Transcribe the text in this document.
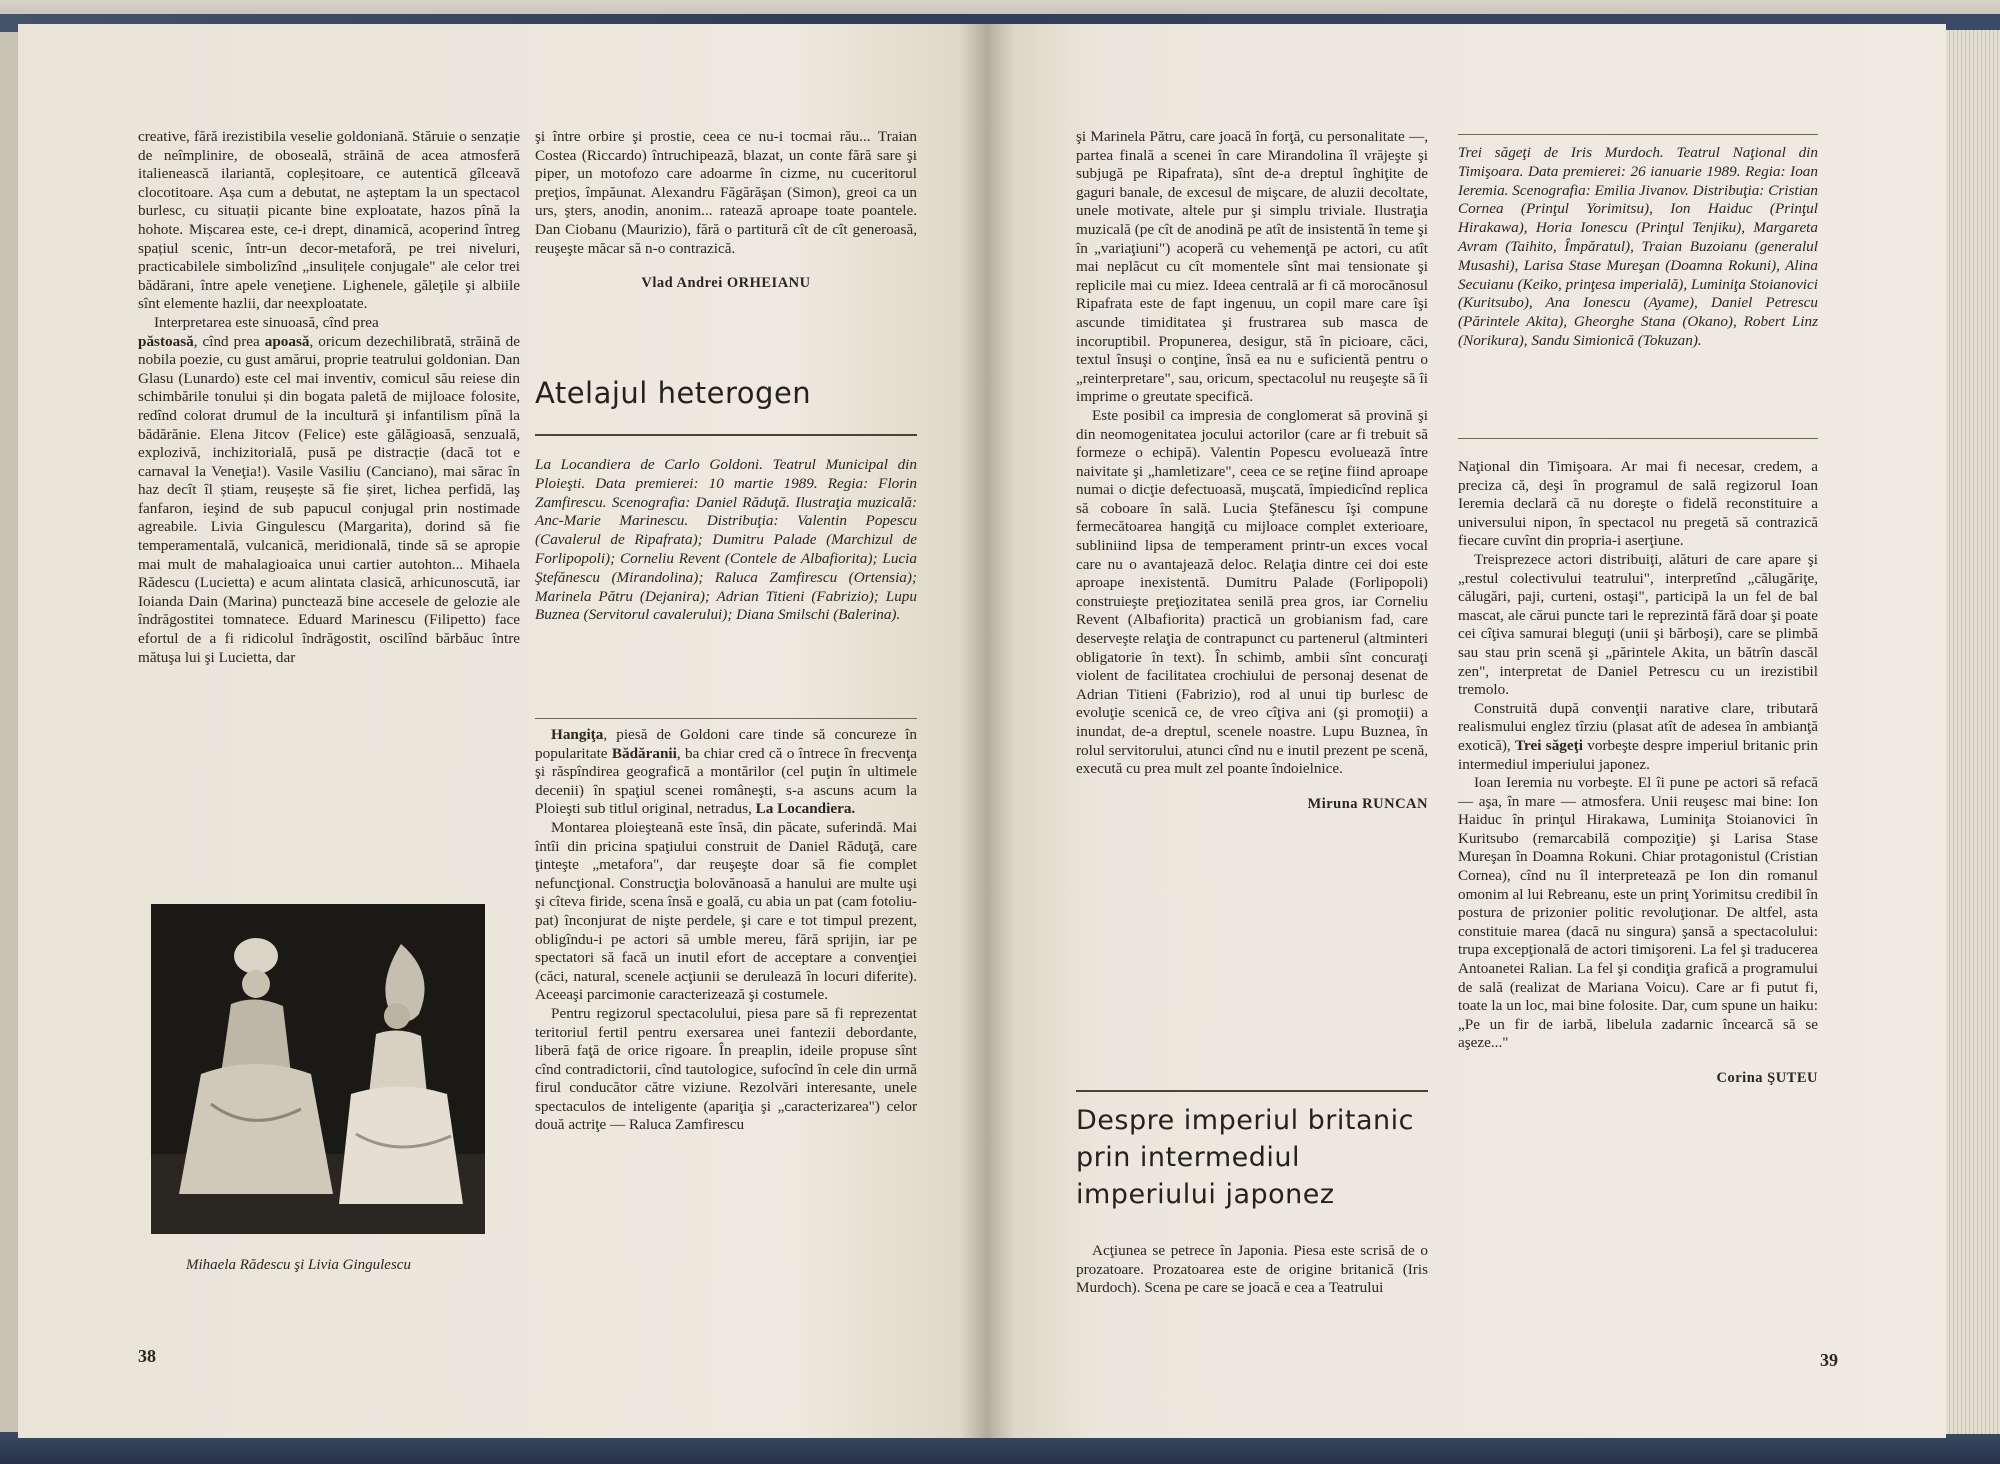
creative, fără irezistibila veselie goldoniană. Stăruie o senzație de neîmplinire, de oboseală, străină de acea atmosferă italienească ilariantă, copleșitoare, ce autentică gîlceavă clocotitoare. Așa cum a debutat, ne așteptam la un spectacol burlesc, cu situații picante bine exploatate, hazos pînă la hohote. Mișcarea este, ce-i drept, dinamică, acoperind întreg spațiul scenic, într-un decor-metaforă, pe trei niveluri, practicabilele simbolizînd „insulițele conjugale" ale celor trei bădărani, între apele veneţiene. Lighenele, găleţile şi albiile sînt elemente hazlii, dar neexploatate.

Interpretarea este sinuoasă, cînd prea
păstoasă, cînd prea apoasă, oricum dezechilibrată, străină de nobila poezie, cu gust amărui, proprie teatrului goldonian. Dan Glasu (Lunardo) este cel mai inventiv, comicul său reiese din schimbările tonului și din bogata paletă de mijloace folosite, redînd colorat drumul de la incultură şi infantilism pînă la bădărănie. Elena Jitcov (Felice) este gălăgioasă, senzuală, explozivă, inchizitorială, pusă pe distracție (dacă tot e carnaval la Veneţia!). Vasile Vasiliu (Canciano), mai sărac în haz decît îl știam, reușește să fie șiret, lichea perfidă, laş fanfaron, ieşind de sub papucul conjugal prin nostimade agreabile. Livia Gingulescu (Margarita), dorind să fie temperamentală, vulcanică, meridională, tinde să se apropie mai mult de mahalagioaica unui cartier autohton... Mihaela Rădescu (Lucietta) e acum alintata clasică, arhicunoscută, iar Ioianda Dain (Marina) punctează bine accesele de gelozie ale îndrăgostitei tomnatece. Eduard Marinescu (Filipetto) face efortul de a fi ridicolul îndrăgostit, oscilînd bărbăuc între mătuşa lui şi Lucietta, dar

Mihaela Rădescu şi Livia Gingulescu

şi între orbire şi prostie, ceea ce nu-i tocmai rău... Traian Costea (Riccardo) întruchipează, blazat, un conte fără sare şi piper, un motofozo care adoarme în cizme, nu cuceritorul preţios, împăunat. Alexandru Făgărăşan (Simon), greoi ca un urs, şters, anodin, anonim... ratează aproape toate poantele. Dan Ciobanu (Maurizio), fără o partitură cît de cît generoasă, reuşeşte măcar să n-o contrazică.

Vlad Andrei ORHEIANU

Atelajul heterogen

La Locandiera de Carlo Goldoni. Teatrul Municipal din Ploieşti. Data premierei: 10 martie 1989. Regia: Florin Zamfirescu. Scenografia: Daniel Răduţă. Ilustraţia muzicală: Anc-Marie Marinescu. Distribuţia: Valentin Popescu (Cavalerul de Ripafrata); Dumitru Palade (Marchizul de Forlipopoli); Corneliu Revent (Contele de Albafiorita); Lucia Ştefănescu (Mirandolina); Raluca Zamfirescu (Ortensia); Marinela Pătru (Dejanira); Adrian Titieni (Fabrizio); Lupu Buznea (Servitorul cavalerului); Diana Smilschi (Balerina).

Hangiţa, piesă de Goldoni care tinde să concureze în popularitate Bădăranii, ba chiar cred că o întrece în frecvenţa şi răspîndirea geografică a montărilor (cel puţin în ultimele decenii) în spaţiul scenei româneşti, s-a ascuns acum la Ploieşti sub titlul original, netradus, La Locandiera.

Montarea ploieşteană este însă, din păcate, suferindă. Mai întîi din pricina spaţiului construit de Daniel Răduţă, care ţinteşte „metafora", dar reuşeşte doar să fie complet nefuncţional. Construcţia bolovănoasă a hanului are multe uşi şi cîteva firide, scena însă e goală, cu abia un pat (cam fotoliu-pat) înconjurat de nişte perdele, şi care e tot timpul prezent, obligîndu-i pe actori să umble mereu, fără sprijin, iar pe spectatori să facă un inutil efort de acceptare a convenţiei (căci, natural, scenele acţiunii se derulează în locuri diferite). Aceeaşi parcimonie caracterizează şi costumele.

Pentru regizorul spectacolului, piesa pare să fi reprezentat teritoriul fertil pentru exersarea unei fantezii debordante, liberă faţă de orice rigoare. În preaplin, ideile propuse sînt cînd contradictorii, cînd tautologice, sufocînd în cele din urmă firul conducător către viziune. Rezolvări interesante, unele spectaculos de inteligente (apariţia şi „caracterizarea") celor două actriţe — Raluca Zamfirescu

38

şi Marinela Pătru, care joacă în forţă, cu personalitate —, partea finală a scenei în care Mirandolina îl vrăjeşte şi subjugă pe Ripafrata), sînt de-a dreptul înghiţite de gaguri banale, de excesul de mişcare, de aluzii decoltate, unele motivate, altele pur şi simplu triviale. Ilustraţia muzicală (pe cît de anodină pe atît de insistentă în teme şi în „variaţiuni") acoperă cu vehemenţă pe actori, cu atît mai neplăcut cu cît momentele sînt mai tensionate şi replicile mai cu miez. Ideea centrală ar fi că morocănosul Ripafrata este de fapt ingenuu, un copil mare care îşi ascunde timiditatea şi frustrarea sub masca de incoruptibil. Propunerea, desigur, stă în picioare, căci, textul însuşi o conţine, însă ea nu e suficientă pentru o „reinterpretare", sau, oricum, spectacolul nu reuşeşte să îi imprime o greutate specifică.

Este posibil ca impresia de conglomerat să provină şi din neomogenitatea jocului actorilor (care ar fi trebuit să formeze o echipă). Valentin Popescu evoluează între naivitate şi „hamletizare", ceea ce se reţine fiind aproape numai o dicţie defectuoasă, muşcată, împiedicînd replica să coboare în sală. Lucia Ştefănescu îşi compune fermecătoarea hangiţă cu mijloace complet exterioare, subliniind lipsa de temperament printr-un exces vocal care nu o avantajează deloc. Relaţia dintre cei doi este aproape inexistentă. Dumitru Palade (Forlipopoli) construieşte preţiozitatea senilă prea gros, iar Corneliu Revent (Albafiorita) practică un grobianism fad, care deserveşte relaţia de contrapunct cu partenerul (altminteri obligatorie în text). În schimb, ambii sînt concuraţi violent de facilitatea crochiului de personaj desenat de Adrian Titieni (Fabrizio), rod al unui tip burlesc de evoluţie scenică ce, de vreo cîţiva ani (şi promoţii) a inundat, de-a dreptul, scenele noastre. Lupu Buznea, în rolul servitorului, atunci cînd nu e inutil prezent pe scenă, execută cu prea mult zel poante îndoielnice.

Miruna RUNCAN

Despre imperiul britanic
prin intermediul
imperiului japonez

Acţiunea se petrece în Japonia. Piesa este scrisă de o prozatoare. Prozatoarea este de origine britanică (Iris Murdoch). Scena pe care se joacă e cea a Teatrului

Trei săgeţi de Iris Murdoch. Teatrul Naţional din Timişoara. Data premierei: 26 ianuarie 1989. Regia: Ioan Ieremia. Scenografia: Emilia Jivanov. Distribuţia: Cristian Cornea (Prinţul Yorimitsu), Ion Haiduc (Prinţul Hirakawa), Horia Ionescu (Prinţul Tenjiku), Margareta Avram (Taihito, Împăratul), Traian Buzoianu (generalul Musashi), Larisa Stase Mureşan (Doamna Rokuni), Alina Secuianu (Keiko, prinţesa imperială), Luminiţa Stoianovici (Kuritsubo), Ana Ionescu (Ayame), Daniel Petrescu (Părintele Akita), Gheorghe Stana (Okano), Robert Linz (Norikura), Sandu Simionică (Tokuzan).

Naţional din Timişoara. Ar mai fi necesar, credem, a preciza că, deşi în programul de sală regizorul Ioan Ieremia declară că nu doreşte o fidelă reconstituire a universului nipon, în spectacol nu pregetă să contrazică fiecare cuvînt din propria-i aserţiune.

Treisprezece actori distribuiţi, alături de care apare şi „restul colectivului teatrului", interpretînd „călugăriţe, călugări, paji, curteni, ostaşi", participă la un fel de bal mascat, ale cărui puncte tari le reprezintă fără doar şi poate cei cîţiva samurai bleguţi (unii şi bărboşi), care se plimbă sau stau prin scenă şi „părintele Akita, un bătrîn dascăl zen", interpretat de Daniel Petrescu cu un irezistibil tremolo.

Construită după convenţii narative clare, tributară realismului englez tîrziu (plasat atît de adesea în ambianţă exotică), Trei săgeţi vorbeşte despre imperiul britanic prin intermediul imperiului japonez.

Ioan Ieremia nu vorbeşte. El îi pune pe actori să refacă — aşa, în mare — atmosfera. Unii reuşesc mai bine: Ion Haiduc în prinţul Hirakawa, Luminiţa Stoianovici în Kuritsubo (remarcabilă compoziţie) şi Larisa Stase Mureşan în Doamna Rokuni. Chiar protagonistul (Cristian Cornea), cînd nu îl interpretează pe Ion din romanul omonim al lui Rebreanu, este un prinţ Yorimitsu credibil în postura de prizonier politic revoluţionar. De altfel, asta constituie marea (dacă nu singura) şansă a spectacolului: trupa excepţională de actori timişoreni. La fel şi traducerea Antoanetei Ralian. La fel şi condiţia grafică a programului de sală (realizat de Mariana Voicu). Care ar fi putut fi, toate la un loc, mai bine folosite. Dar, cum spune un haiku: „Pe un fir de iarbă, libelula zadarnic încearcă să se aşeze..."

Corina ŞUTEU

39
